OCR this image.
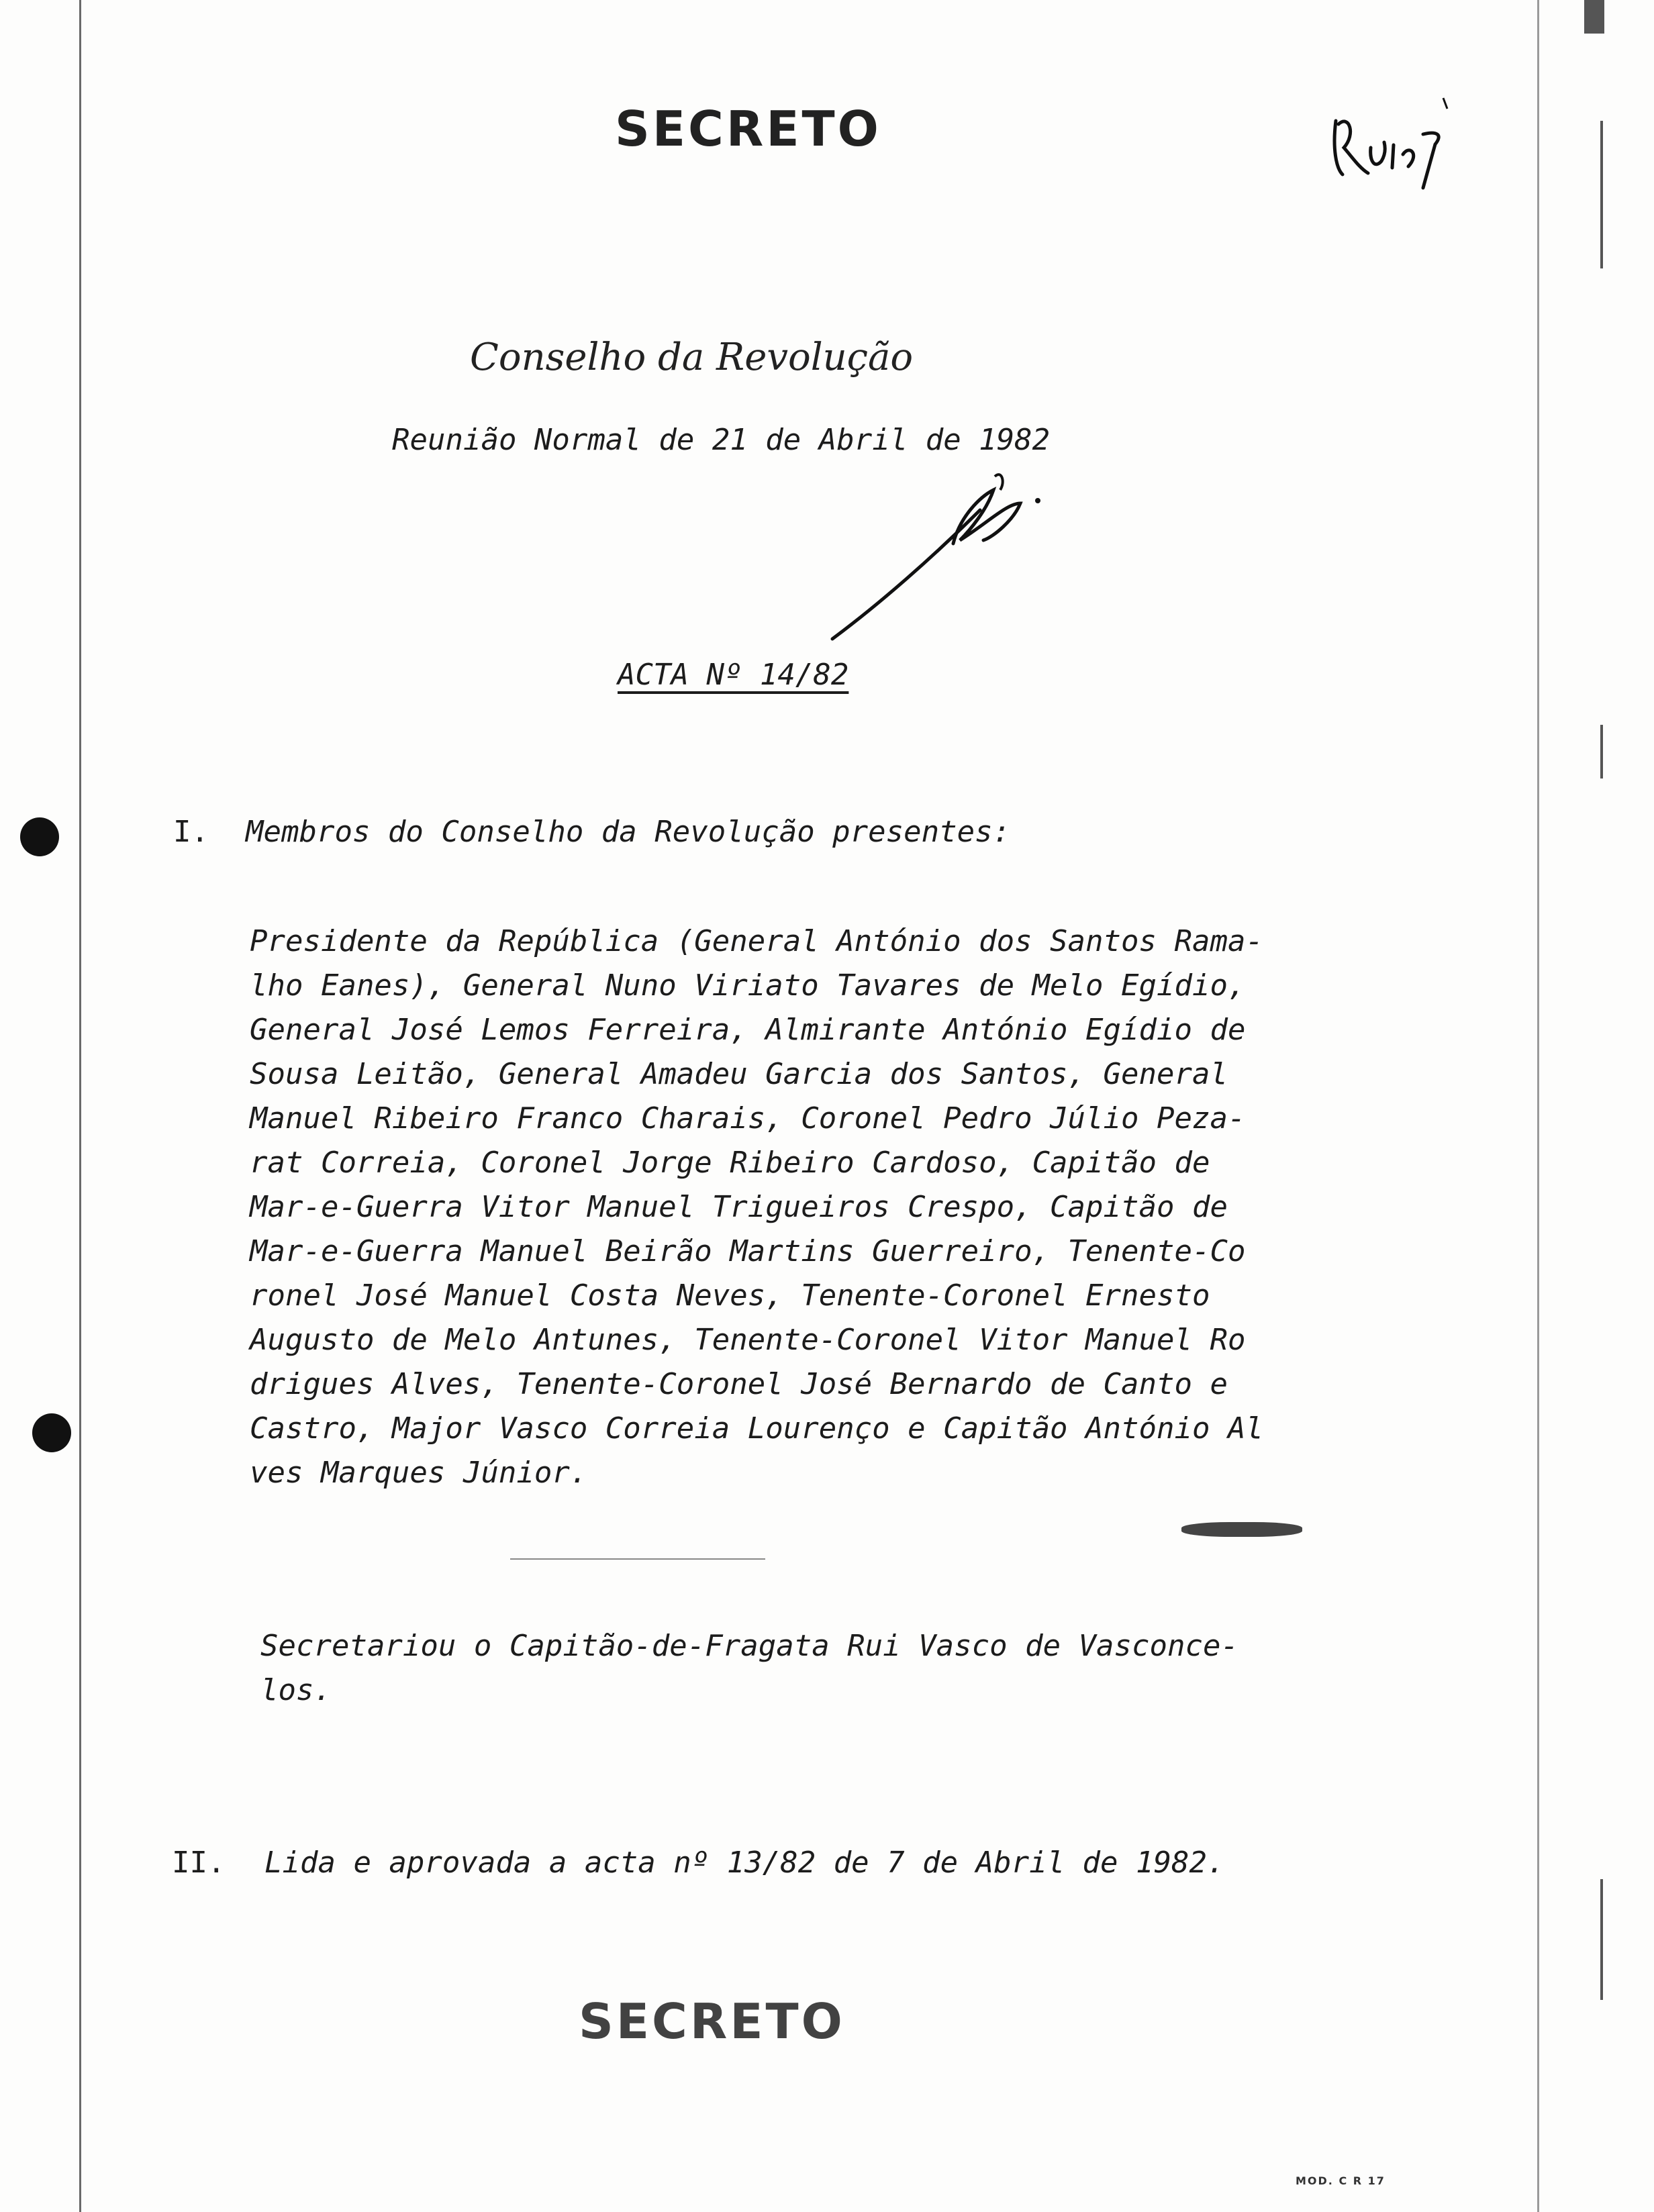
SECRETO
Conselho da Revolução
Reunião Normal de 21 de Abril de 1982
ACTA Nº 14/82
I. Membros do Conselho da Revolução presentes:
Presidente da República (General António dos Santos Rama-
lho Eanes), General Nuno Viriato Tavares de Melo Egídio,
General José Lemos Ferreira, Almirante António Egídio de
Sousa Leitão, General Amadeu Garcia dos Santos, General
Manuel Ribeiro Franco Charais, Coronel Pedro Júlio Peza-
rat Correia, Coronel Jorge Ribeiro Cardoso, Capitão de
Mar-e-Guerra Vitor Manuel Trigueiros Crespo, Capitão de
Mar-e-Guerra Manuel Beirão Martins Guerreiro, Tenente-Co
ronel José Manuel Costa Neves, Tenente-Coronel Ernesto
Augusto de Melo Antunes, Tenente-Coronel Vitor Manuel Ro
drigues Alves, Tenente-Coronel José Bernardo de Canto e
Castro, Major Vasco Correia Lourenço e Capitão António Al
ves Marques Júnior.
Secretariou o Capitão-de-Fragata Rui Vasco de Vasconce-
los.
II. Lida e aprovada a acta nº 13/82 de 7 de Abril de 1982.
SECRETO
MOD. C R 17
